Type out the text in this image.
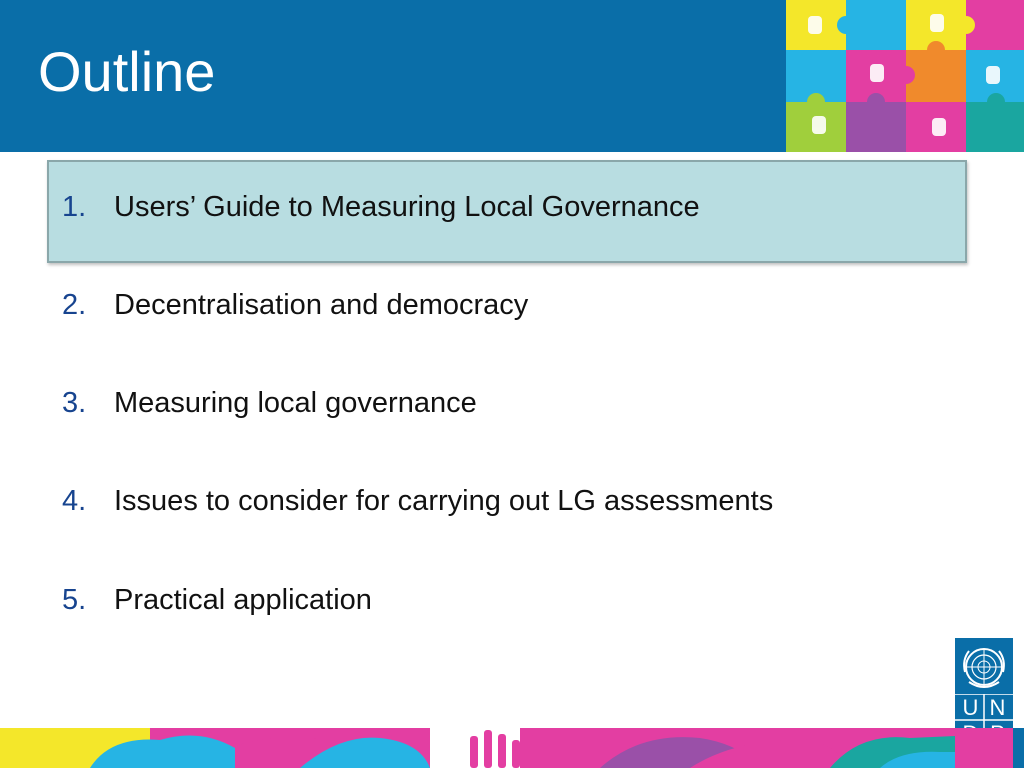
Outline
1. Users’ Guide to Measuring Local Governance
2. Decentralisation and democracy
3. Measuring local governance
4. Issues to consider for carrying out LG assessments
5. Practical application
U N
